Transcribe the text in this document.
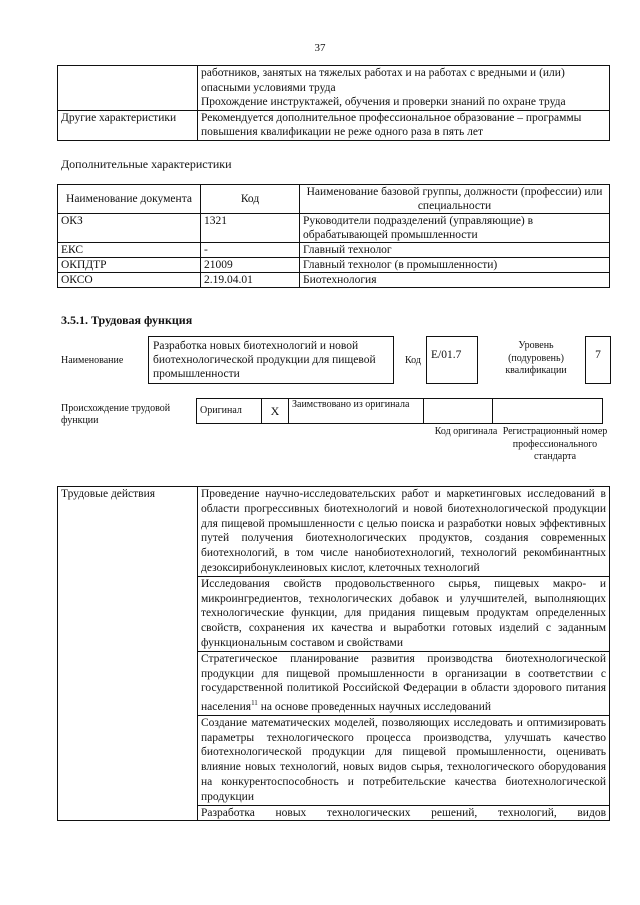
37

	работников, занятых на тяжелых работах и на работах с вредными и (или) опасными условиями труда
Прохождение инструктажей, обучения и проверки знаний по охране труда

Другие характеристики	Рекомендуется дополнительное профессиональное образование – программы повышения квалификации не реже одного раза в пять лет
Дополнительные характеристики
Наименование документа	Код	Наименование базовой группы, должности (профессии) или специальности
ОКЗ	1321	Руководители подразделений (управляющие) в обрабатывающей промышленности
ЕКС	-	Главный технолог
ОКПДТР	21009	Главный технолог (в промышленности)
ОКСО	2.19.04.01	Биотехнология
3.5.1. Трудовая функция
Наименование
Разработка новых биотехнологий и новой биотехнологической продукции для пищевой промышленности
Код E/01.7
Уровень (подуровень) квалификации
7
Происхождение трудовой функции
Оригинал	X	Заимствовано из оригинала		
Код оригинала Регистрационный номер профессионального стандарта
Трудовые действия	Проведение научно-исследовательских работ и маркетинговых исследований в области прогрессивных биотехнологий и новой биотехнологической продукции для пищевой промышленности с целью поиска и разработки новых эффективных путей получения биотехнологических продуктов, создания современных биотехнологий, в том числе нанобиотехнологий, технологий рекомбинантных дезоксирибонуклеиновых кислот, клеточных технологий
Исследования свойств продовольственного сырья, пищевых макро- и микроингредиентов, технологических добавок и улучшителей, выполняющих технологические функции, для придания пищевым продуктам определенных свойств, сохранения их качества и выработки готовых изделий с заданным функциональным составом и свойствами
Стратегическое планирование развития производства биотехнологической продукции для пищевой промышленности в организации в соответствии с государственной политикой Российской Федерации в области здорового питания населения$^{11}$ на основе проведенных научных исследований
Создание математических моделей, позволяющих исследовать и оптимизировать параметры технологического процесса производства, улучшать качество биотехнологической продукции для пищевой промышленности, оценивать влияние новых технологий, новых видов сырья, технологического оборудования на конкурентоспособность и потребительские качества биотехнологической продукции
Разработка новых технологических решений, технологий, видов
